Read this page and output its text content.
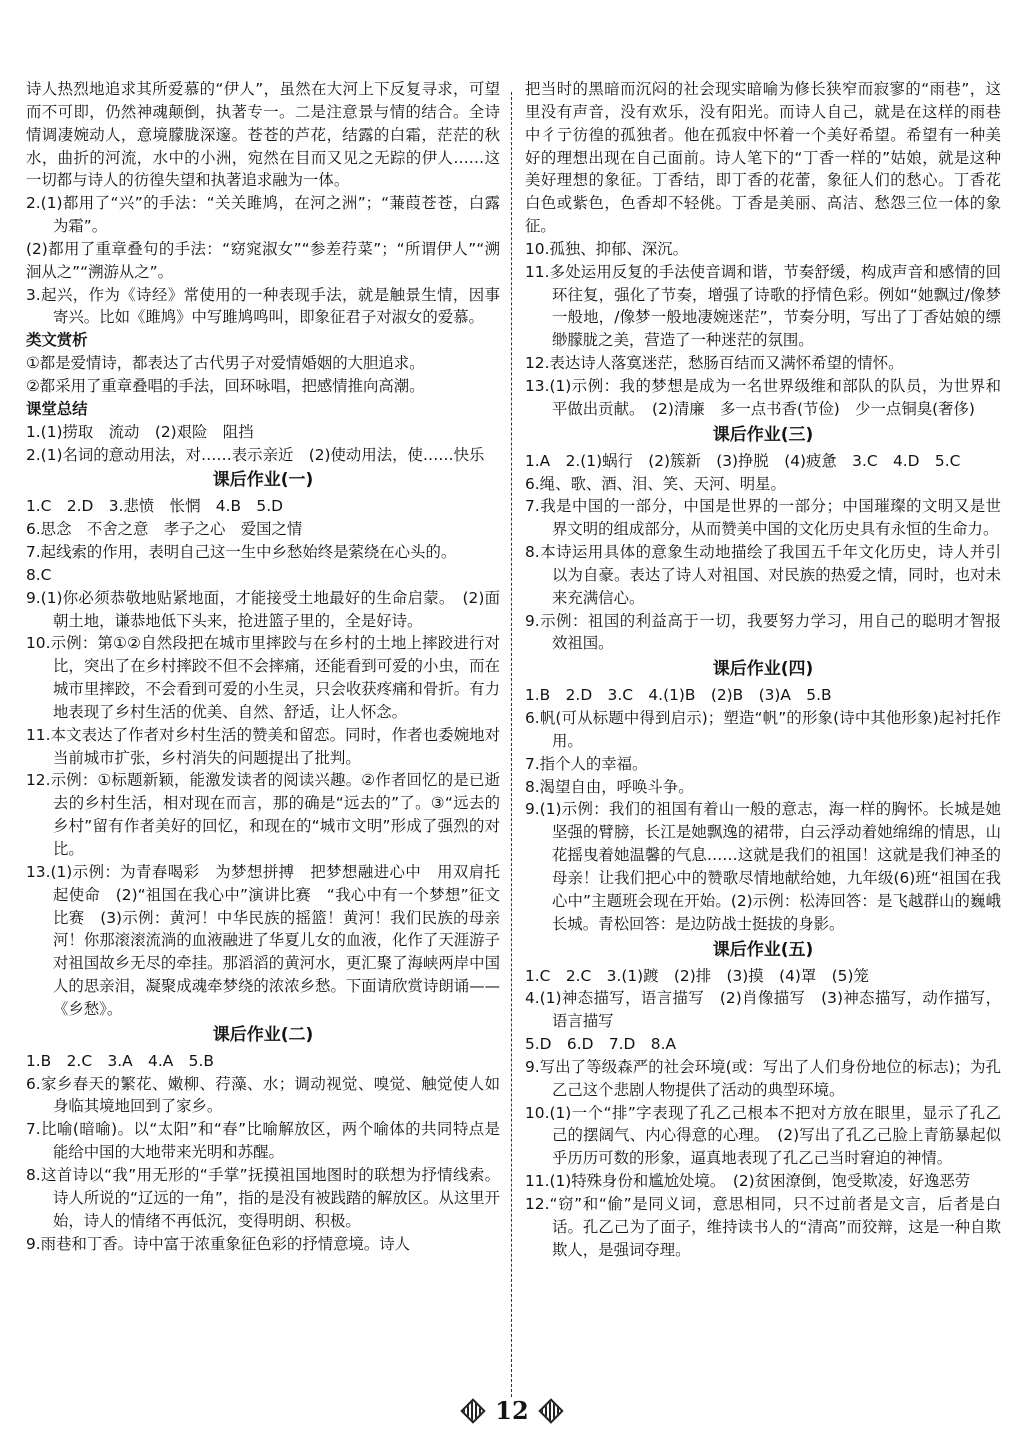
诗人热烈地追求其所爱慕的“伊人”，虽然在大河上下反复寻求，可望而不可即，仍然神魂颠倒，执著专一。二是注意景与情的结合。全诗情调凄婉动人，意境朦胧深邃。苍苍的芦花，结露的白霜，茫茫的秋水，曲折的河流，水中的小洲，宛然在目而又见之无踪的伊人……这一切都与诗人的彷徨失望和执著追求融为一体。

2.(1)都用了“兴”的手法：“关关雎鸠，在河之洲”；“蒹葭苍苍，白露为霜”。

(2)都用了重章叠句的手法：“窈窕淑女”“参差荇菜”；“所谓伊人”“溯洄从之”“溯游从之”。

3.起兴，作为《诗经》常使用的一种表现手法，就是触景生情，因事寄兴。比如《雎鸠》中写雎鸠鸣叫，即象征君子对淑女的爱慕。

类文赏析

①都是爱情诗，都表达了古代男子对爱情婚姻的大胆追求。

②都采用了重章叠唱的手法，回环咏唱，把感情推向高潮。

课堂总结

1.(1)捞取　流动　(2)艰险　阻挡

2.(1)名词的意动用法，对……表示亲近　(2)使动用法，使……快乐

课后作业(一)

1.C　2.D　3.悲愤　怅惘　4.B　5.D

6.思念　不舍之意　孝子之心　爱国之情

7.起线索的作用，表明自己这一生中乡愁始终是萦绕在心头的。

8.C

9.(1)你必须恭敬地贴紧地面，才能接受土地最好的生命启蒙。　(2)面朝土地，谦恭地低下头来，抢进篮子里的，全是好诗。

10.示例：第①②自然段把在城市里摔跤与在乡村的土地上摔跤进行对比，突出了在乡村摔跤不但不会摔痛，还能看到可爱的小虫，而在城市里摔跤，不会看到可爱的小生灵，只会收获疼痛和骨折。有力地表现了乡村生活的优美、自然、舒适，让人怀念。

11.本文表达了作者对乡村生活的赞美和留恋。同时，作者也委婉地对当前城市扩张，乡村消失的问题提出了批判。

12.示例：①标题新颖，能激发读者的阅读兴趣。②作者回忆的是已逝去的乡村生活，相对现在而言，那的确是“远去的”了。③“远去的乡村”留有作者美好的回忆，和现在的“城市文明”形成了强烈的对比。

13.(1)示例：为青春喝彩　为梦想拼搏　把梦想融进心中　用双肩托起使命　(2)“祖国在我心中”演讲比赛　“我心中有一个梦想”征文比赛　(3)示例：黄河！中华民族的摇篮！黄河！我们民族的母亲河！你那滚滚流淌的血液融进了华夏儿女的血液，化作了天涯游子对祖国故乡无尽的牵挂。那滔滔的黄河水，更汇聚了海峡两岸中国人的思亲泪，凝聚成魂牵梦绕的浓浓乡愁。下面请欣赏诗朗诵——《乡愁》。

课后作业(二)

1.B　2.C　3.A　4.A　5.B

6.家乡春天的繁花、嫩柳、荇藻、水；调动视觉、嗅觉、触觉使人如身临其境地回到了家乡。

7.比喻(暗喻)。以“太阳”和“春”比喻解放区，两个喻体的共同特点是能给中国的大地带来光明和苏醒。

8.这首诗以“我”用无形的“手掌”抚摸祖国地图时的联想为抒情线索。诗人所说的“辽远的一角”，指的是没有被践踏的解放区。从这里开始，诗人的情绪不再低沉，变得明朗、积极。

9.雨巷和丁香。诗中富于浓重象征色彩的抒情意境。诗人

把当时的黑暗而沉闷的社会现实暗喻为修长狭窄而寂寥的“雨巷”，这里没有声音，没有欢乐，没有阳光。而诗人自己，就是在这样的雨巷中彳亍彷徨的孤独者。他在孤寂中怀着一个美好希望。希望有一种美好的理想出现在自己面前。诗人笔下的“丁香一样的”姑娘，就是这种美好理想的象征。丁香结，即丁香的花蕾，象征人们的愁心。丁香花白色或紫色，色香却不轻佻。丁香是美丽、高洁、愁怨三位一体的象征。

10.孤独、抑郁、深沉。

11.多处运用反复的手法使音调和谐，节奏舒缓，构成声音和感情的回环往复，强化了节奏，增强了诗歌的抒情色彩。例如“她飘过/像梦一般地，/像梦一般地凄婉迷茫”，节奏分明，写出了丁香姑娘的缥缈朦胧之美，营造了一种迷茫的氛围。

12.表达诗人落寞迷茫，愁肠百结而又满怀希望的情怀。

13.(1)示例：我的梦想是成为一名世界级维和部队的队员，为世界和平做出贡献。　(2)清廉　多一点书香(节俭)　少一点铜臭(奢侈)

课后作业(三)

1.A　2.(1)蜗行　(2)簇新　(3)挣脱　(4)疲惫　3.C　4.D　5.C

6.绳、歌、酒、泪、笑、天河、明星。

7.我是中国的一部分，中国是世界的一部分；中国璀璨的文明又是世界文明的组成部分，从而赞美中国的文化历史具有永恒的生命力。

8.本诗运用具体的意象生动地描绘了我国五千年文化历史，诗人并引以为自豪。表达了诗人对祖国、对民族的热爱之情，同时，也对未来充满信心。

9.示例：祖国的利益高于一切，我要努力学习，用自己的聪明才智报效祖国。

课后作业(四)

1.B　2.D　3.C　4.(1)B　(2)B　(3)A　5.B

6.帆(可从标题中得到启示)；塑造“帆”的形象(诗中其他形象)起衬托作用。

7.指个人的幸福。

8.渴望自由，呼唤斗争。

9.(1)示例：我们的祖国有着山一般的意志，海一样的胸怀。长城是她坚强的臂膀，长江是她飘逸的裙带，白云浮动着她绵绵的情思，山花摇曳着她温馨的气息……这就是我们的祖国！这就是我们神圣的母亲！让我们把心中的赞歌尽情地献给她，九年级(6)班“祖国在我心中”主题班会现在开始。(2)示例：松涛回答：是飞越群山的巍峨长城。青松回答：是边防战士挺拔的身影。

课后作业(五)

1.C　2.C　3.(1)踱　(2)排　(3)摸　(4)罩　(5)笼

4.(1)神态描写，语言描写　(2)肖像描写　(3)神态描写，动作描写，语言描写

5.D　6.D　7.D　8.A

9.写出了等级森严的社会环境(或：写出了人们身份地位的标志)；为孔乙己这个悲剧人物提供了活动的典型环境。

10.(1)一个“排”字表现了孔乙己根本不把对方放在眼里，显示了孔乙己的摆阔气、内心得意的心理。　(2)写出了孔乙己脸上青筋暴起似乎历历可数的形象，逼真地表现了孔乙己当时窘迫的神情。

11.(1)特殊身份和尴尬处境。　(2)贫困潦倒，饱受欺凌，好逸恶劳

12.“窃”和“偷”是同义词，意思相同，只不过前者是文言，后者是白话。孔乙己为了面子，维持读书人的“清高”而狡辩，这是一种自欺欺人，是强词夺理。

12
